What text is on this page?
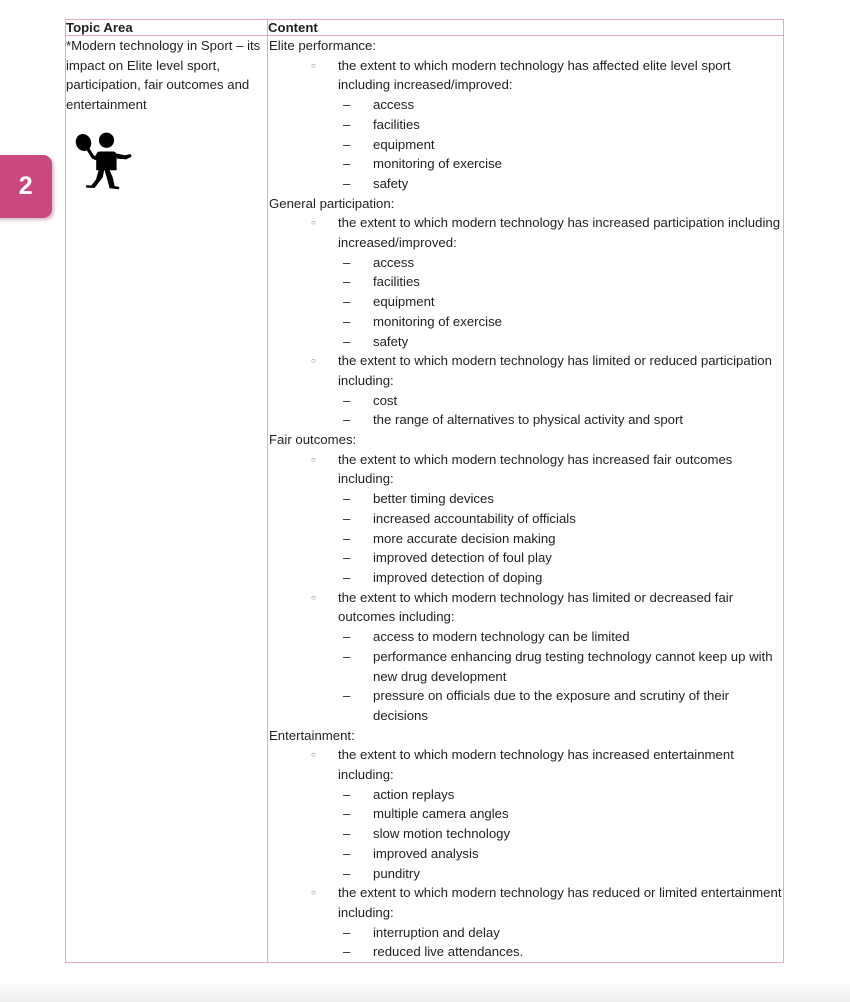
2
Topic Area	Content

*Modern technology in Sport – its impact on Elite level sport, participation, fair outcomes and entertainment

Elite performance:
○ the extent to which modern technology has affected elite level sport including increased/improved:
– access
– facilities
– equipment
– monitoring of exercise
– safety
General participation:
○ the extent to which modern technology has increased participation including increased/improved:
– access
– facilities
– equipment
– monitoring of exercise
– safety
○ the extent to which modern technology has limited or reduced participation including:
– cost
– the range of alternatives to physical activity and sport
Fair outcomes:
○ the extent to which modern technology has increased fair outcomes including:
– better timing devices
– increased accountability of officials
– more accurate decision making
– improved detection of foul play
– improved detection of doping
○ the extent to which modern technology has limited or decreased fair outcomes including:
– access to modern technology can be limited
– performance enhancing drug testing technology cannot keep up with new drug development
– pressure on officials due to the exposure and scrutiny of their decisions
Entertainment:
○ the extent to which modern technology has increased entertainment including:
– action replays
– multiple camera angles
– slow motion technology
– improved analysis
– punditry
○ the extent to which modern technology has reduced or limited entertainment including:
– interruption and delay
– reduced live attendances.
